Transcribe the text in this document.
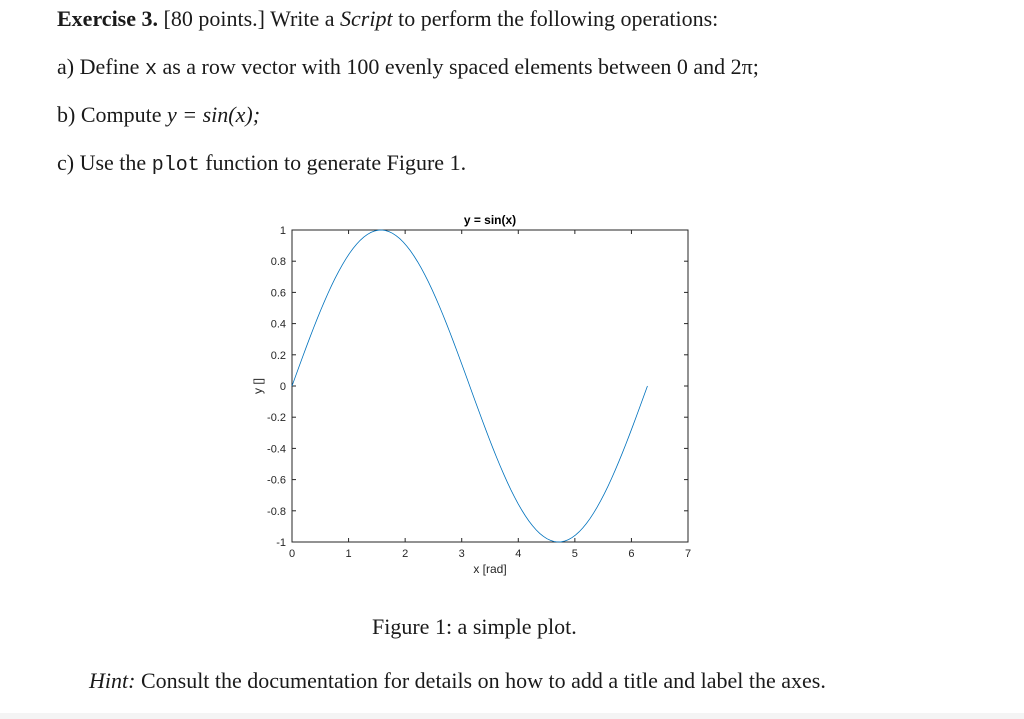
Exercise 3. [80 points.] Write a Script to perform the following operations:
a) Define x as a row vector with 100 evenly spaced elements between 0 and 2π;
b) Compute y = sin(x);
c) Use the plot function to generate Figure 1.
0	1	2	3	4	5	6	7
-1
-0.8
-0.6
-0.4
-0.2
0
0.2
0.4
0.6
0.8
1
y = sin(x)
x [rad]
y []
Figure 1: a simple plot.
Hint: Consult the documentation for details on how to add a title and label the axes.
